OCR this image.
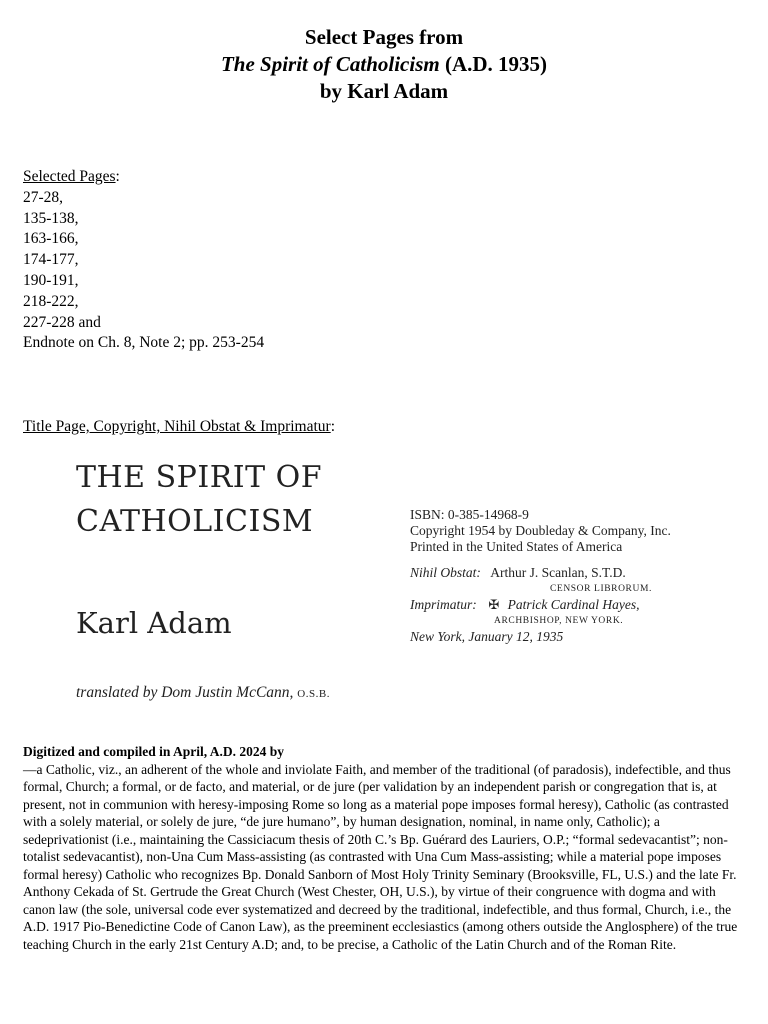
Select Pages from
The Spirit of Catholicism (A.D. 1935)
by Karl Adam
Selected Pages:
27-28,
135-138,
163-166,
174-177,
190-191,
218-222,
227-228 and
Endnote on Ch. 8, Note 2; pp. 253-254
Title Page, Copyright, Nihil Obstat & Imprimatur:
THE SPIRIT OF
CATHOLICISM
Karl Adam
translated by Dom Justin McCann, O.S.B.
ISBN: 0-385-14968-9
Copyright 1954 by Doubleday & Company, Inc.
Printed in the United States of America
Nihil Obstat: Arthur J. Scanlan, S.T.D.
CENSOR LIBRORUM.
Imprimatur: ✠ Patrick Cardinal Hayes,
ARCHBISHOP, NEW YORK.
New York, January 12, 1935
Digitized and compiled in April, A.D. 2024 by
—a Catholic, viz., an adherent of the whole and inviolate Faith, and member of the traditional (of paradosis), indefectible, and thus formal, Church; a formal, or de facto, and material, or de jure (per validation by an independent parish or congregation that is, at present, not in communion with heresy-imposing Rome so long as a material pope imposes formal heresy), Catholic (as contrasted with a solely material, or solely de jure, “de jure humano”, by human designation, nominal, in name only, Catholic); a sedeprivationist (i.e., maintaining the Cassiciacum thesis of 20th C.’s Bp. Guérard des Lauriers, O.P.; “formal sedevacantist”; non-totalist sedevacantist), non-Una Cum Mass-assisting (as contrasted with Una Cum Mass-assisting; while a material pope imposes formal heresy) Catholic who recognizes Bp. Donald Sanborn of Most Holy Trinity Seminary (Brooksville, FL, U.S.) and the late Fr. Anthony Cekada of St. Gertrude the Great Church (West Chester, OH, U.S.), by virtue of their congruence with dogma and with canon law (the sole, universal code ever systematized and decreed by the traditional, indefectible, and thus formal, Church, i.e., the A.D. 1917 Pio-Benedictine Code of Canon Law), as the preeminent ecclesiastics (among others outside the Anglosphere) of the true teaching Church in the early 21st Century A.D; and, to be precise, a Catholic of the Latin Church and of the Roman Rite.
